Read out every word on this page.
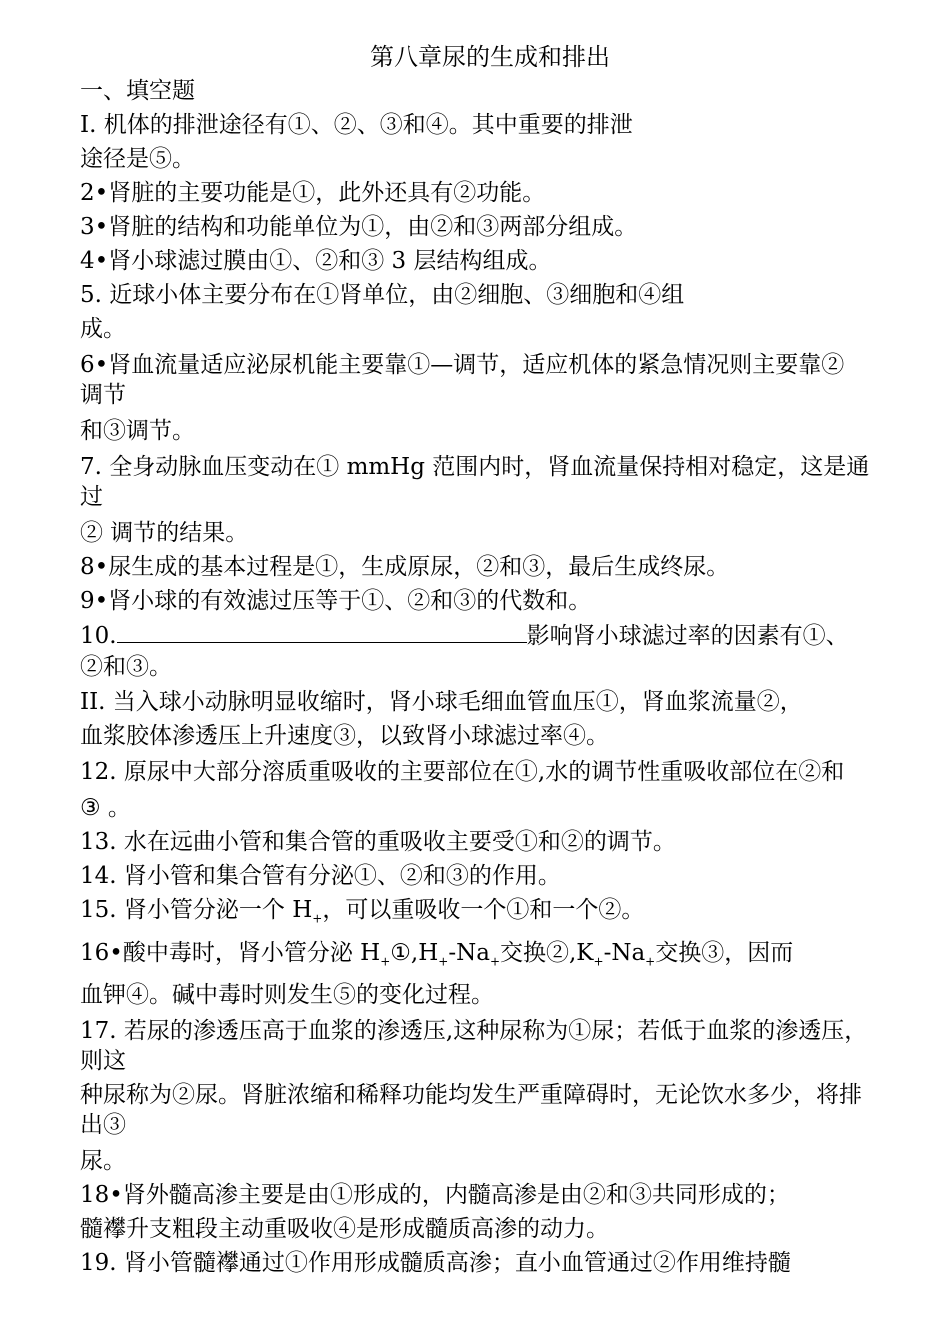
第八章尿的生成和排出

一、填空题

I. 机体的排泄途径有①、②、③和④。其中重要的排泄

途径是⑤。

2•肾脏的主要功能是①，此外还具有②功能。

3•肾脏的结构和功能单位为①，由②和③两部分组成。

4•肾小球滤过膜由①、②和③ 3 层结构组成。

5. 近球小体主要分布在①肾单位，由②细胞、③细胞和④组

成。

6•肾血流量适应泌尿机能主要靠①—调节，适应机体的紧急情况则主要靠②调节

和③调节。

7. 全身动脉血压变动在① mmHg 范围内时，肾血流量保持相对稳定，这是通过

② 调节的结果。

8•尿生成的基本过程是①，生成原尿，②和③，最后生成终尿。

9•肾小球的有效滤过压等于①、②和③的代数和。

10.	影响肾小球滤过率的因素有①、

②和③。

II. 当入球小动脉明显收缩时，肾小球毛细血管血压①，肾血浆流量②，

血浆胶体渗透压上升速度③，以致肾小球滤过率④。

12. 原尿中大部分溶质重吸收的主要部位在①,水的调节性重吸收部位在②和

③ 。

13. 水在远曲小管和集合管的重吸收主要受①和②的调节。

14. 肾小管和集合管有分泌①、②和③的作用。

15. 肾小管分泌一个 $H_+$，可以重吸收一个①和一个②。

16•酸中毒时，肾小管分泌 $H_+①,H_+-Na_+$交换$②,K_+-Na_+$交换③，因而

血钾④。碱中毒时则发生⑤的变化过程。

17. 若尿的渗透压高于血浆的渗透压,这种尿称为①尿；若低于血浆的渗透压，则这

种尿称为②尿。肾脏浓缩和稀释功能均发生严重障碍时，无论饮水多少，将排出③

尿。

18•肾外髓高渗主要是由①形成的，内髓高渗是由②和③共同形成的；

髓襻升支粗段主动重吸收④是形成髓质高渗的动力。

19. 肾小管髓襻通过①作用形成髓质高渗；直小血管通过②作用维持髓
